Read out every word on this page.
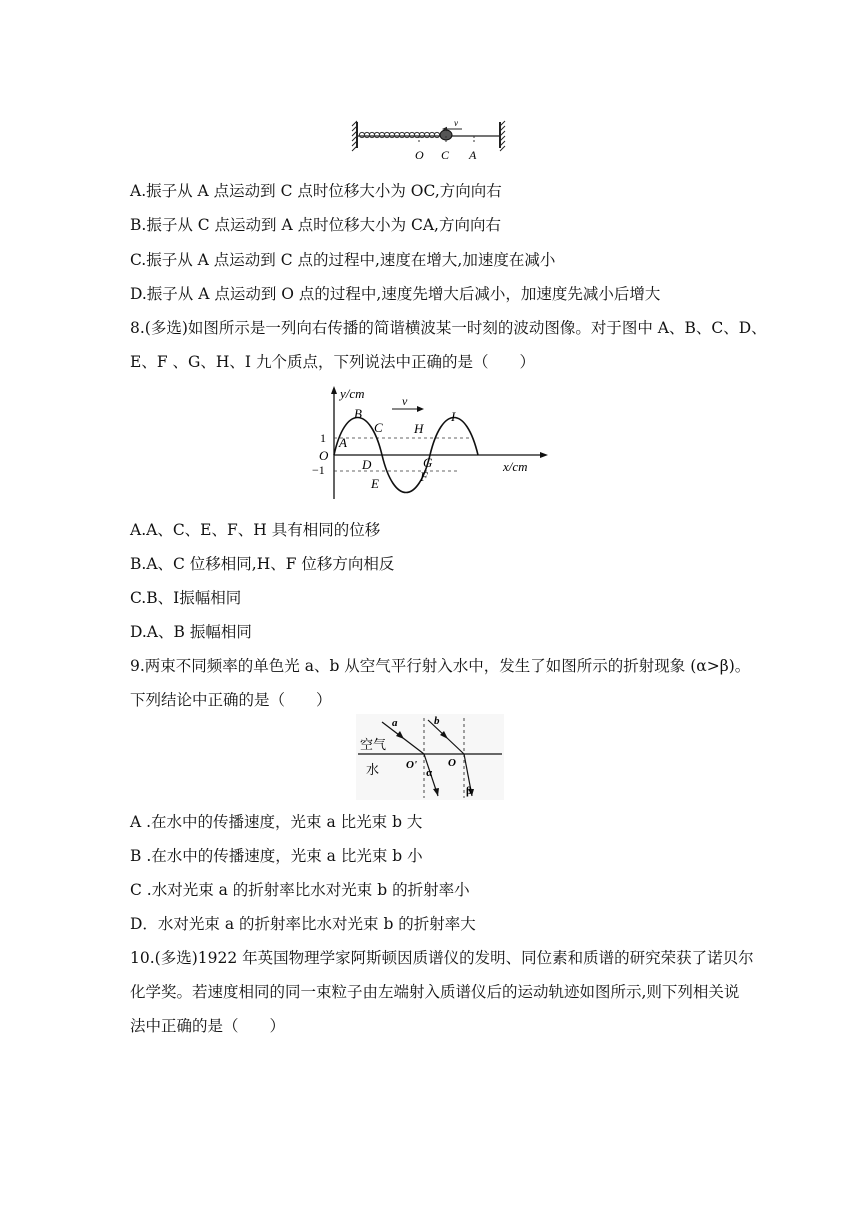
v
O C A
A.振子从 A 点运动到 C 点时位移大小为 OC,方向向右
B.振子从 C 点运动到 A 点时位移大小为 CA,方向向右
C.振子从 A 点运动到 C 点的过程中,速度在增大,加速度在减小
D.振子从 A 点运动到 O 点的过程中,速度先增大后减小，加速度先减小后增大
8.(多选)如图所示是一列向右传播的简谐横波某一时刻的波动图像。对于图中 A、B、C、D、
E、F 、G、H、I 九个质点，下列说法中正确的是（　　）
y/cm
x/cm
1
−1
O
v
A
B
C
D
E	F
G
H
I
A.A、C、E、F、H 具有相同的位移
B.A、C 位移相同,H、F 位移方向相反
C.B、Ⅰ振幅相同
D.A、B 振幅相同
9.两束不同频率的单色光 a、b 从空气平行射入水中，发生了如图所示的折射现象 (α>β)。
下列结论中正确的是（　　）
a	b
空气
水 O'	O
α
β
A .在水中的传播速度，光束 a 比光束 b 大
B .在水中的传播速度，光束 a 比光束 b 小
C .水对光束 a 的折射率比水对光束 b 的折射率小
D．水对光束 a 的折射率比水对光束 b 的折射率大
10.(多选)1922 年英国物理学家阿斯顿因质谱仪的发明、同位素和质谱的研究荣获了诺贝尔
化学奖。若速度相同的同一束粒子由左端射入质谱仪后的运动轨迹如图所示,则下列相关说
法中正确的是（　　）
